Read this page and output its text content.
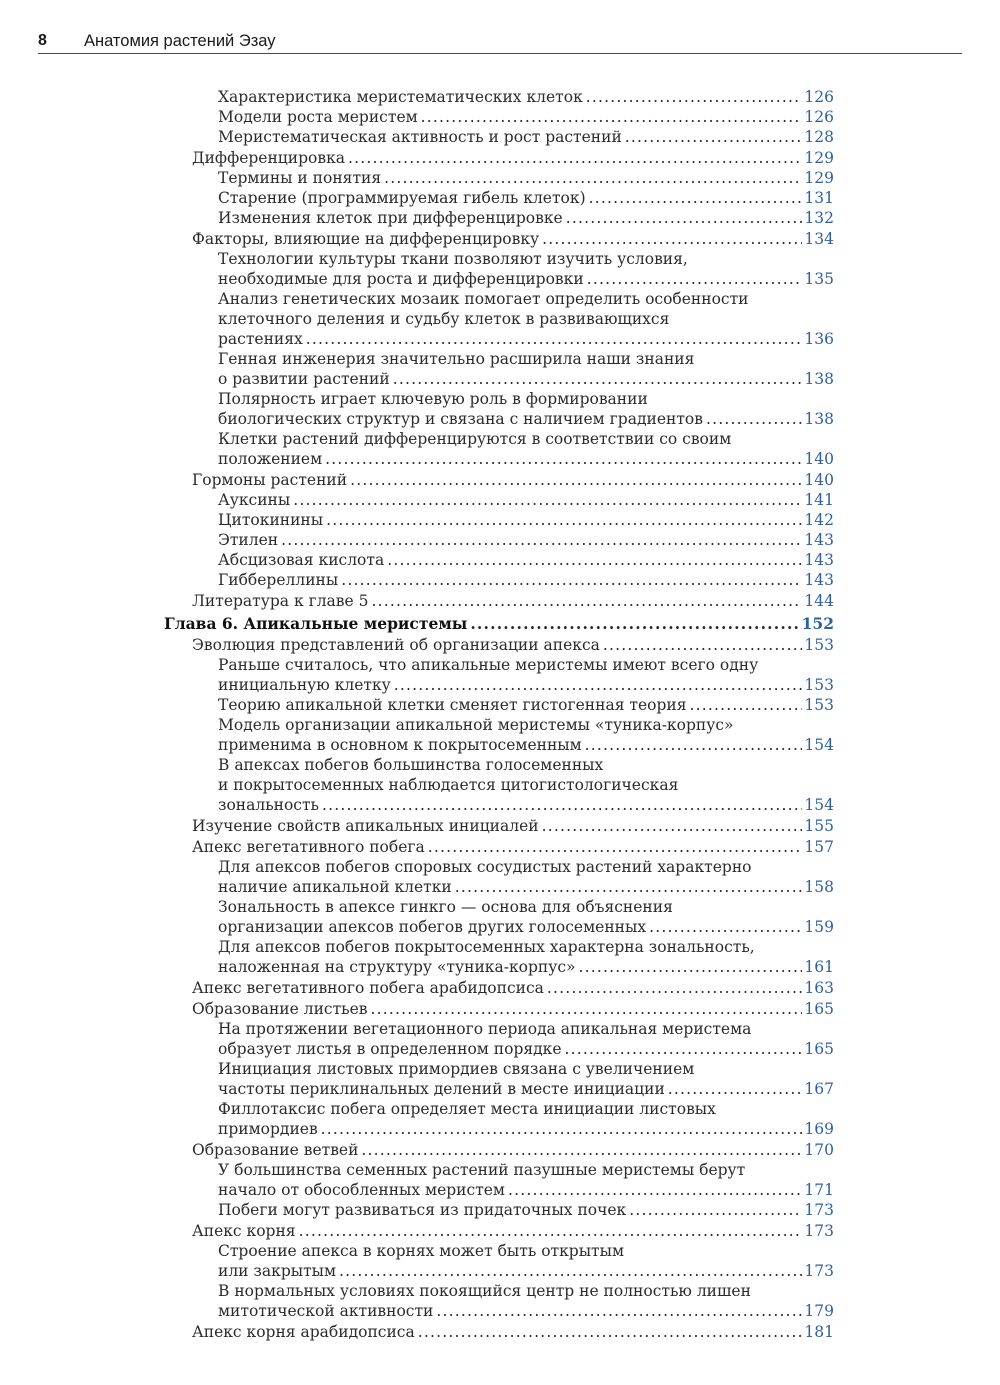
8 Анатомия растений Эзау
Характеристика меристематических клеток .....	126
Модели роста меристем .....	126
Меристематическая активность и рост растений .....	128
Дифференцировка .....	129
Термины и понятия .....	129
Старение (программируемая гибель клеток) .....	131
Изменения клеток при дифференцировке .....	132
Факторы, влияющие на дифференцировку .....	134
Технологии культуры ткани позволяют изучить условия,
необходимые для роста и дифференцировки .....	135
Анализ генетических мозаик помогает определить особенности
клеточного деления и судьбу клеток в развивающихся
растениях .....	136
Генная инженерия значительно расширила наши знания
о развитии растений .....	138
Полярность играет ключевую роль в формировании
биологических структур и связана с наличием градиентов .....	138
Клетки растений дифференцируются в соответствии со своим
положением .....	140
Гормоны растений .....	140
Ауксины .....	141
Цитокинины .....	142
Этилен .....	143
Абсцизовая кислота .....	143
Гиббереллины .....	143
Литература к главе 5 .....	144
Глава 6. Апикальные меристемы .....	152
Эволюция представлений об организации апекса .....	153
Раньше считалось, что апикальные меристемы имеют всего одну
инициальную клетку .....	153
Теорию апикальной клетки сменяет гистогенная теория .....	153
Модель организации апикальной меристемы «туника-корпус»
применима в основном к покрытосеменным .....	154
В апексах побегов большинства голосеменных
и покрытосеменных наблюдается цитогистологическая
зональность .....	154
Изучение свойств апикальных инициалей .....	155
Апекс вегетативного побега .....	157
Для апексов побегов споровых сосудистых растений характерно
наличие апикальной клетки .....	158
Зональность в апексе гинкго — основа для объяснения
организации апексов побегов других голосеменных .....	159
Для апексов побегов покрытосеменных характерна зональность,
наложенная на структуру «туника-корпус» .....	161
Апекс вегетативного побега арабидопсиса .....	163
Образование листьев .....	165
На протяжении вегетационного периода апикальная меристема
образует листья в определенном порядке .....	165
Инициация листовых примордиев связана с увеличением
частоты периклинальных делений в месте инициации .....	167
Филлотаксис побега определяет места инициации листовых
примордиев .....	169
Образование ветвей .....	170
У большинства семенных растений пазушные меристемы берут
начало от обособленных меристем .....	171
Побеги могут развиваться из придаточных почек .....	173
Апекс корня .....	173
Строение апекса в корнях может быть открытым
или закрытым .....	173
В нормальных условиях покоящийся центр не полностью лишен
митотической активности .....	179
Апекс корня арабидопсиса .....	181
